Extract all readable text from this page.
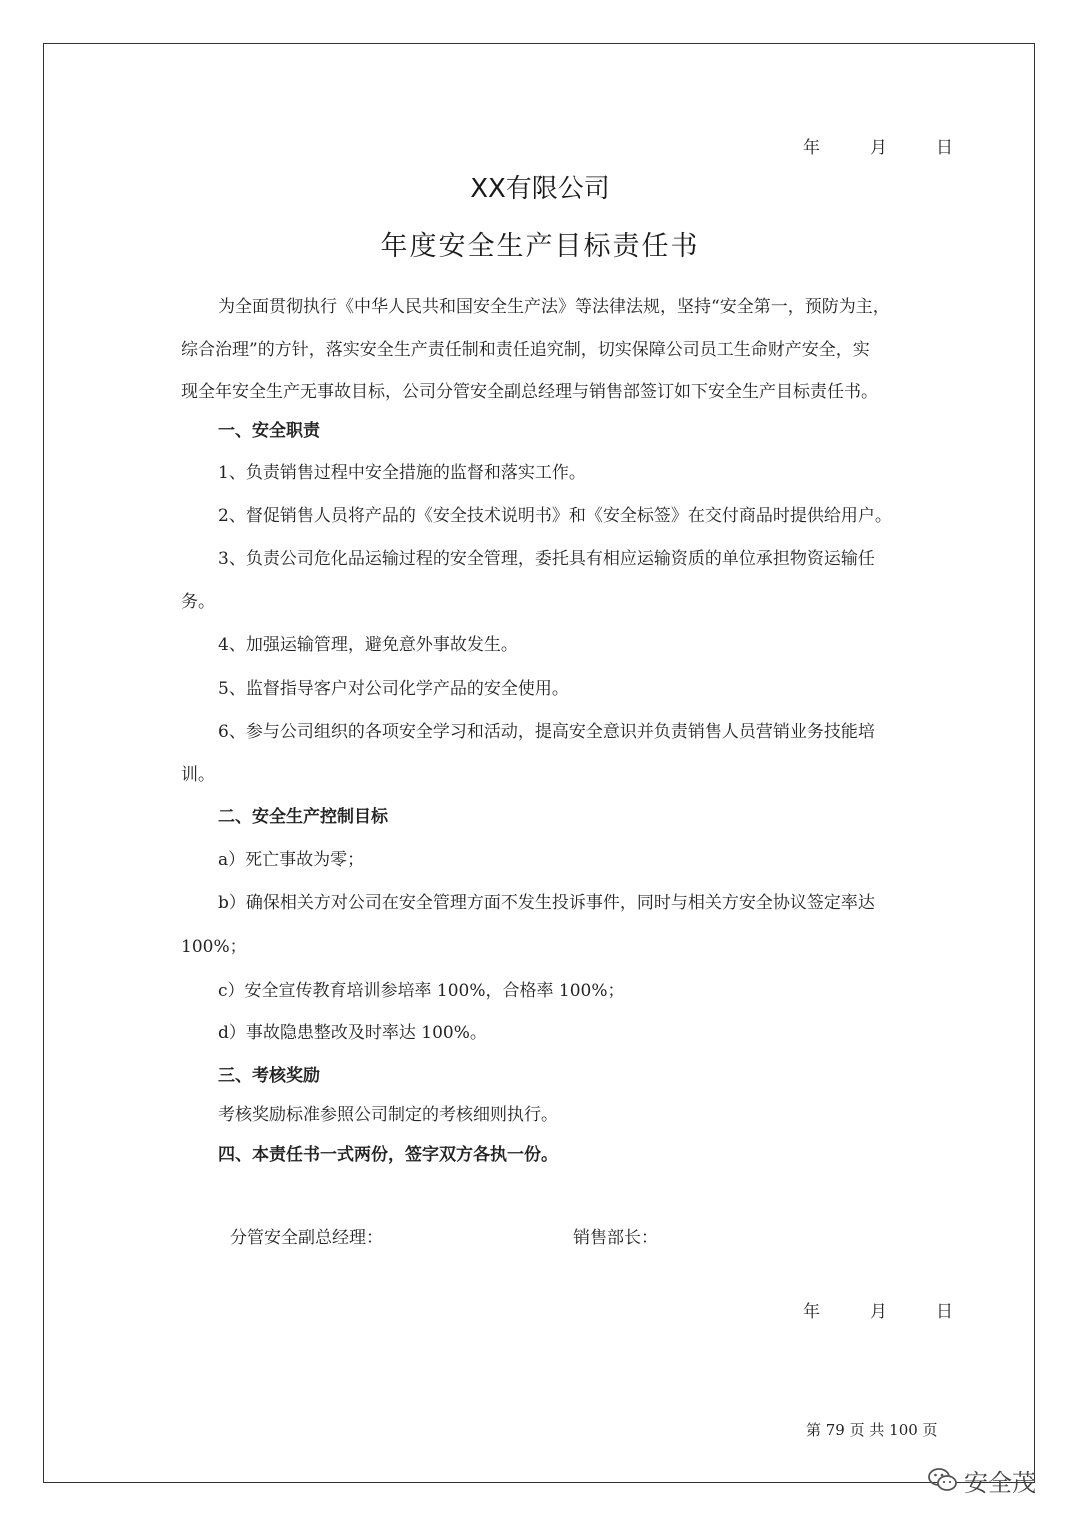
年	月	日
XX有限公司
年度安全生产目标责任书
为全面贯彻执行《中华人民共和国安全生产法》等法律法规，坚持“安全第一，预防为主，
综合治理”的方针，落实安全生产责任制和责任追究制，切实保障公司员工生命财产安全，实
现全年安全生产无事故目标，公司分管安全副总经理与销售部签订如下安全生产目标责任书。
一、安全职责
1、负责销售过程中安全措施的监督和落实工作。
2、督促销售人员将产品的《安全技术说明书》和《安全标签》在交付商品时提供给用户。
3、负责公司危化品运输过程的安全管理，委托具有相应运输资质的单位承担物资运输任
务。
4、加强运输管理，避免意外事故发生。
5、监督指导客户对公司化学产品的安全使用。
6、参与公司组织的各项安全学习和活动，提高安全意识并负责销售人员营销业务技能培
训。
二、安全生产控制目标
a）死亡事故为零；
b）确保相关方对公司在安全管理方面不发生投诉事件，同时与相关方安全协议签定率达
100%；
c）安全宣传教育培训参培率 100%，合格率 100%；
d）事故隐患整改及时率达 100%。
三、考核奖励
考核奖励标准参照公司制定的考核细则执行。
四、本责任书一式两份，签字双方各执一份。
分管安全副总经理：	销售部长：
年	月	日
第 79 页 共 100 页
安全茂
